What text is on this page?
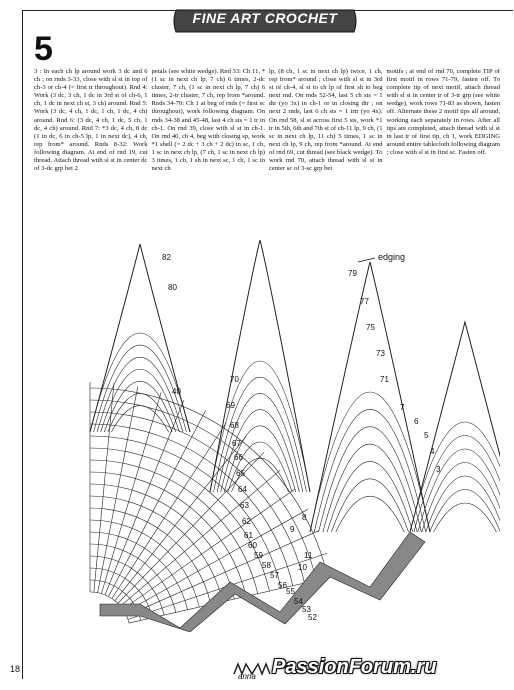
FINE ART CROCHET
5
3 : In each ch lp around work 3 dc and 6 ch ; on rnds 3-33, close with sl st in top of ch-3 or ch-4 (= first tr throughout). Rnd 4: Work (3 dc, 3 ch, 1 dc in 3rd st of ch-6, 1 ch, 1 dc in next ch st, 3 ch) around. Rnd 5: Work (3 dc, 4 ch, 1 dc, 1 ch, 1 dc, 4 ch) around. Rnd 6: (3 dc, 4 ch, 1 dc, 5 ch, 1 dc, 4 ch) around. Rnd 7: *3 dc, 4 ch, 8 dc (1 in dc, 6 in ch-5 lp, 1 in next dc), 4 ch, rep from* around. Rnds 8-32: Work following diagram. At end of rnd 19, cut thread. Attach thread with sl st in center dc of 3-dc grp bet 2
petals (see white wedge). Rnd 33: Ch 11, *(1 sc in next ch lp, 7 ch) 6 times, 2-dc cluster, 7 ch, (1 sc in next ch lp, 7 ch) 6 times, 2-tr cluster, 7 ch, rep from *around. Rnds 34-70: Ch 1 at beg of rnds (= first sc throughout), work following diagram. On rnds 34-38 and 45-48, last 4 ch sts = 1 tr in ch-1. On rnd 39, close with sl st in ch-1. On rnd 40, ch 4, beg with closing sp, work *1 shell (= 2 dc + 3 ch + 2 dc) in sc, 1 ch, 1 sc in next ch lp, (7 ch, 1 sc in next ch lp) 3 times, 1 ch, 1 sh in next sc, 1 ch, 1 sc in next ch
lp, (8 ch, 1 sc in next ch lp) twice, 1 ch, rep from* around ; close with sl st in 3rd st of ch-4, sl st to ch lp of first sh to beg next rnd. On rnds 52-54, last 5 ch sts = 1 dtr (yo 3x) in ch-1 or in closing dtr ; on next 2 rnds, last 6 ch sts = 1 trtr (yo 4x). On rnd 58, sl st across first 5 sts, work *1 tr in 5th, 6th and 7th st of ch-11 lp, 9 ch, (1 sc in next ch lp, 11 ch) 5 times, 1 sc in next ch lp, 9 ch, rep from *around. At end of rnd 69, cut thread (see black wedge). To work rnd 70, attach thread with sl st in center sc of 3-sc grp bet
motifs ; at end of rnd 70, complete TIP of first motif in rows 71-79, fasten off. To complete tip of next motif, attach thread with sl st in center tr of 3-tr grp (see white wedge), work rows 71-83 as shown, fasten off. Alternate these 2 motif tips all around, working each separately in rows. After all tips are completed, attach thread with sl st in last tr of first tip, ch 1, work EDGING around entire tablecloth following diagram ; close with sl st in first sc. Fasten off.
82
80
79
77
75
73
71
70
69
68
67
66
65
64
63
62
61
60
59
58
57
56
55
54
53
52
40
11
10
9
8
7
6
5
4
3
edging
18
anna PassionForum.ru
